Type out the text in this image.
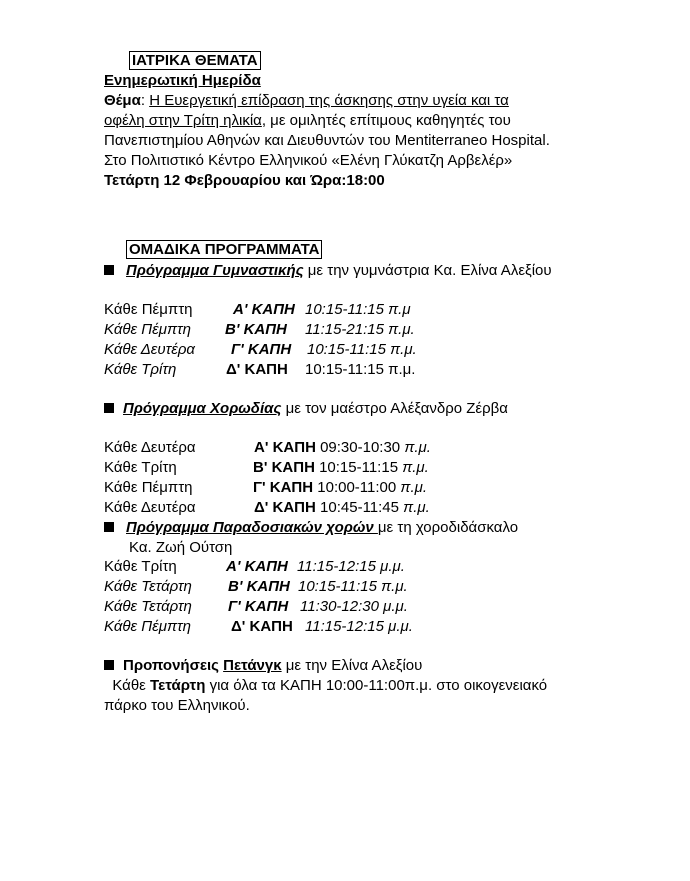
ΙΑΤΡΙΚΑ ΘΕΜΑΤΑ
Ενημερωτική Ημερίδα
Θέμα: Η Ευεργετική επίδραση της άσκησης στην υγεία και τα
οφέλη στην Τρίτη ηλικία, με ομιλητές επίτιμους καθηγητές του
Πανεπιστημίου Αθηνών και Διευθυντών του Μentiterraneo Hospital.
Στο Πολιτιστικό Κέντρο Ελληνικού «Ελένη Γλύκατζη Αρβελέρ»
Τετάρτη 12 Φεβρουαρίου και Ώρα:18:00
ΟΜΑΔΙΚΑ ΠΡΟΓΡΑΜΜΑΤΑ
Πρόγραμμα Γυμναστικής με την γυμνάστρια Κα. Ελίνα Αλεξίου
Κάθε Πέμπτη	Α' ΚΑΠΗ 10:15-11:15 π.μ
Κάθε Πέμπτη Β' ΚΑΠΗ 11:15-21:15 π.μ.
Κάθε Δευτέρα Γ' ΚΑΠΗ 10:15-11:15 π.μ.
Κάθε Τρίτη	Δ' ΚΑΠΗ 10:15-11:15 π.μ.
Πρόγραμμα Χορωδίας με τον μαέστρο Αλέξανδρο Ζέρβα
Κάθε Δευτέρα	Α' ΚΑΠΗ 09:30-10:30 π.μ.
Κάθε Τρίτη	Β' ΚΑΠΗ 10:15-11:15 π.μ.
Κάθε Πέμπτη	Γ' ΚΑΠΗ 10:00-11:00 π.μ.
Κάθε Δευτέρα	Δ' ΚΑΠΗ 10:45-11:45 π.μ.
Πρόγραμμα Παραδοσιακών χορών με τη χοροδιδάσκαλο
Κα. Ζωή Ούτση
Κάθε Τρίτη	Α' ΚΑΠΗ 11:15-12:15 μ.μ.
Κάθε Τετάρτη Β' ΚΑΠΗ 10:15-11:15 π.μ.
Κάθε Τετάρτη Γ' ΚΑΠΗ 11:30-12:30 μ.μ.
Κάθε Πέμπτη	Δ' ΚΑΠΗ 11:15-12:15 μ.μ.
Προπονήσεις Πετάνγκ με την Ελίνα Αλεξίου
Κάθε Τετάρτη για όλα τα ΚΑΠΗ 10:00-11:00π.μ. στο οικογενειακό
πάρκο του Ελληνικού.
